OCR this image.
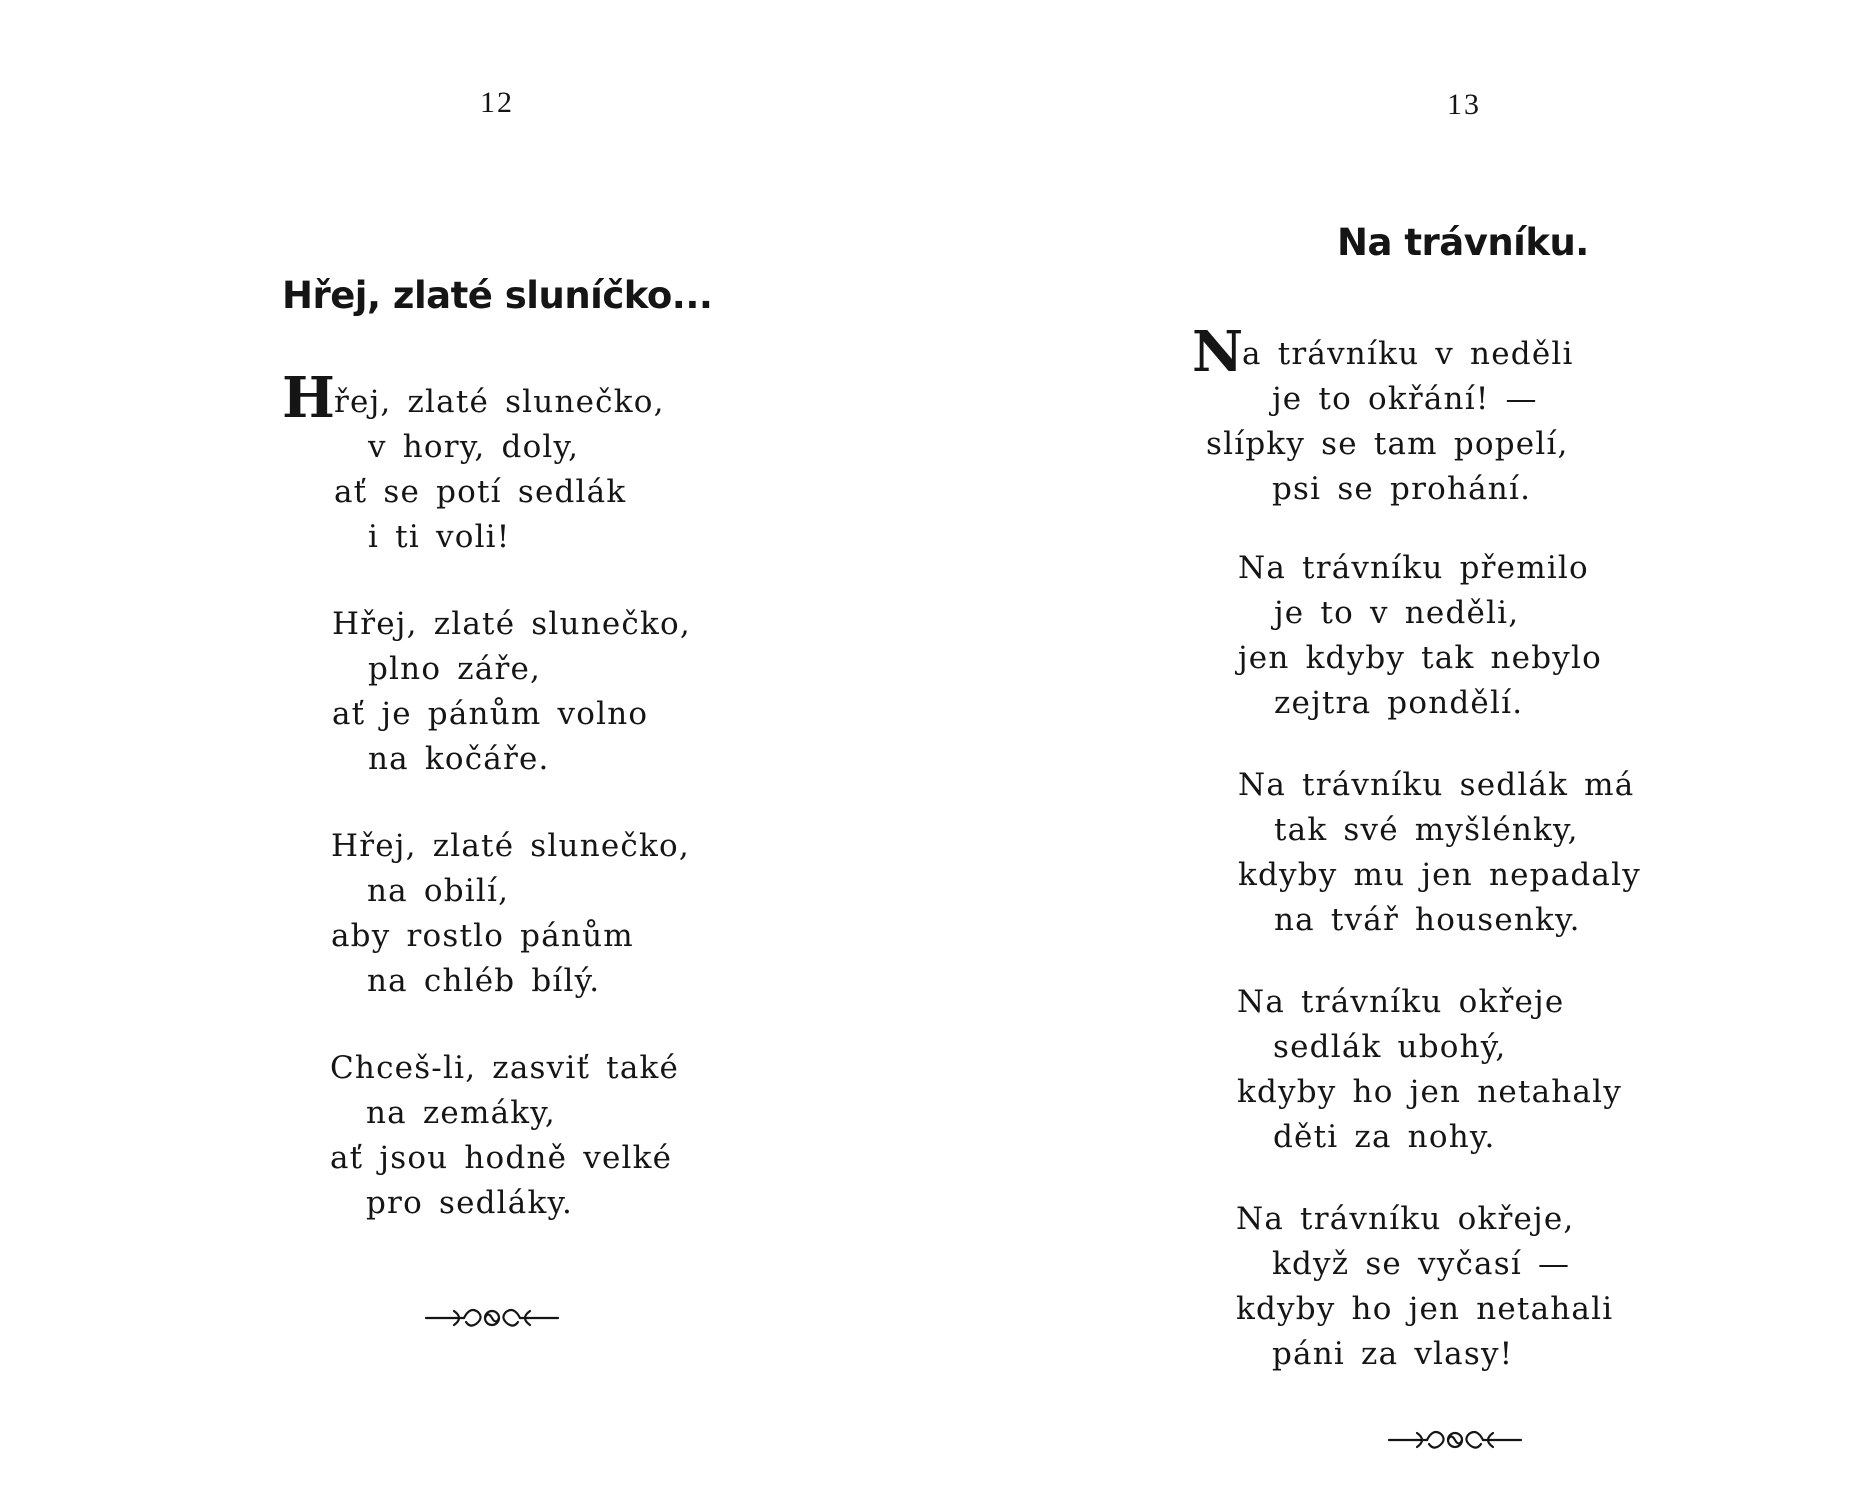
12
Hřej, zlaté sluníčko...
H
řej, zlaté slunečko,
v hory, doly,
ať se potí sedlák
i ti voli!
Hřej, zlaté slunečko,
plno záře,
ať je pánům volno
na kočáře.
Hřej, zlaté slunečko,
na obilí,
aby rostlo pánům
na chléb bílý.
Chceš-li, zasviť také
na zemáky,
ať jsou hodně velké
pro sedláky.
13
Na trávníku.
N
a trávníku v neděli
je to okřání! —
slípky se tam popelí,
psi se prohání.
Na trávníku přemilo
je to v neděli,
jen kdyby tak nebylo
zejtra pondělí.
Na trávníku sedlák má
tak své myšlénky,
kdyby mu jen nepadaly
na tvář housenky.
Na trávníku okřeje
sedlák ubohý,
kdyby ho jen netahaly
děti za nohy.
Na trávníku okřeje,
když se vyčasí —
kdyby ho jen netahali
páni za vlasy!
